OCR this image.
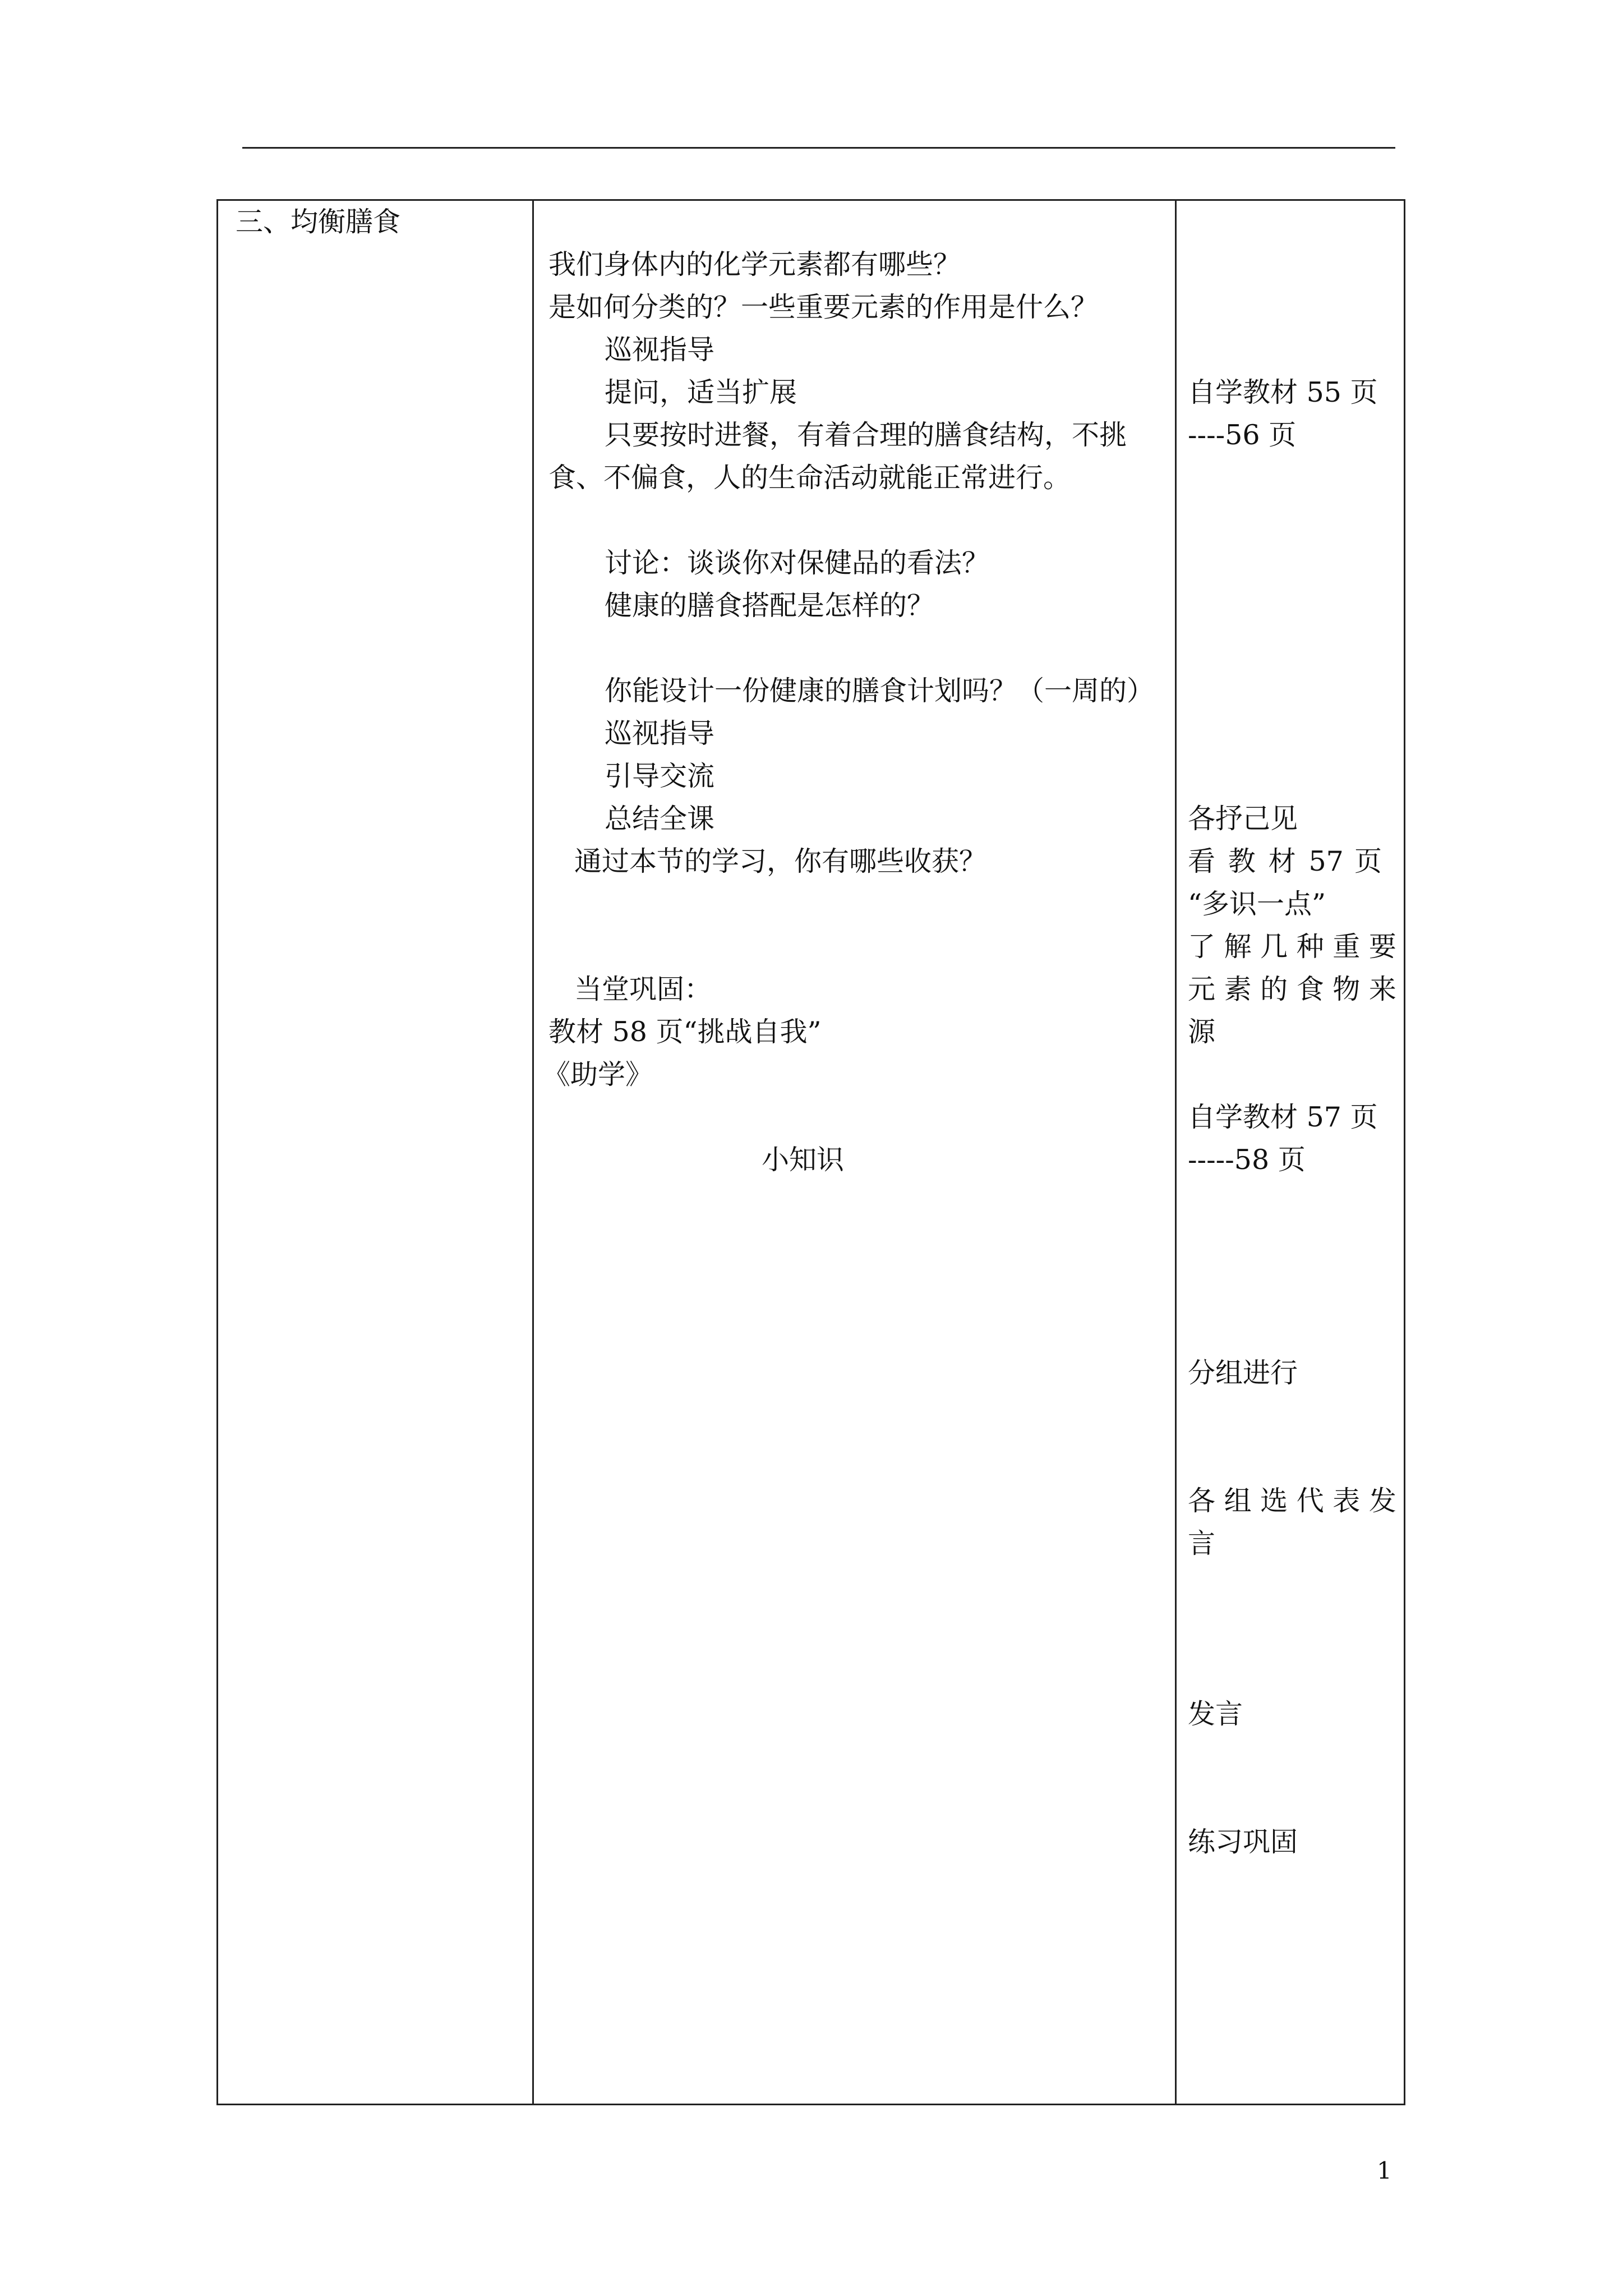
三、均衡膳食
我们身体内的化学元素都有哪些？
是如何分类的？一些重要元素的作用是什么？
巡视指导
提问，适当扩展
只要按时进餐，有着合理的膳食结构，不挑
食、不偏食，人的生命活动就能正常进行。
讨论：谈谈你对保健品的看法？
健康的膳食搭配是怎样的？
你能设计一份健康的膳食计划吗？（一周的）
巡视指导
引导交流
总结全课
通过本节的学习，你有哪些收获？
当堂巩固：
教材 58 页“挑战自我”
《助学》
小知识
自学教材 55 页
----56 页
各抒己见
看 教 材 57 页
“多识一点”
了 解 几 种 重 要
元 素 的 食 物 来
源
自学教材 57 页
-----58 页
分组进行
各 组 选 代 表 发
言
发言
练习巩固
1
